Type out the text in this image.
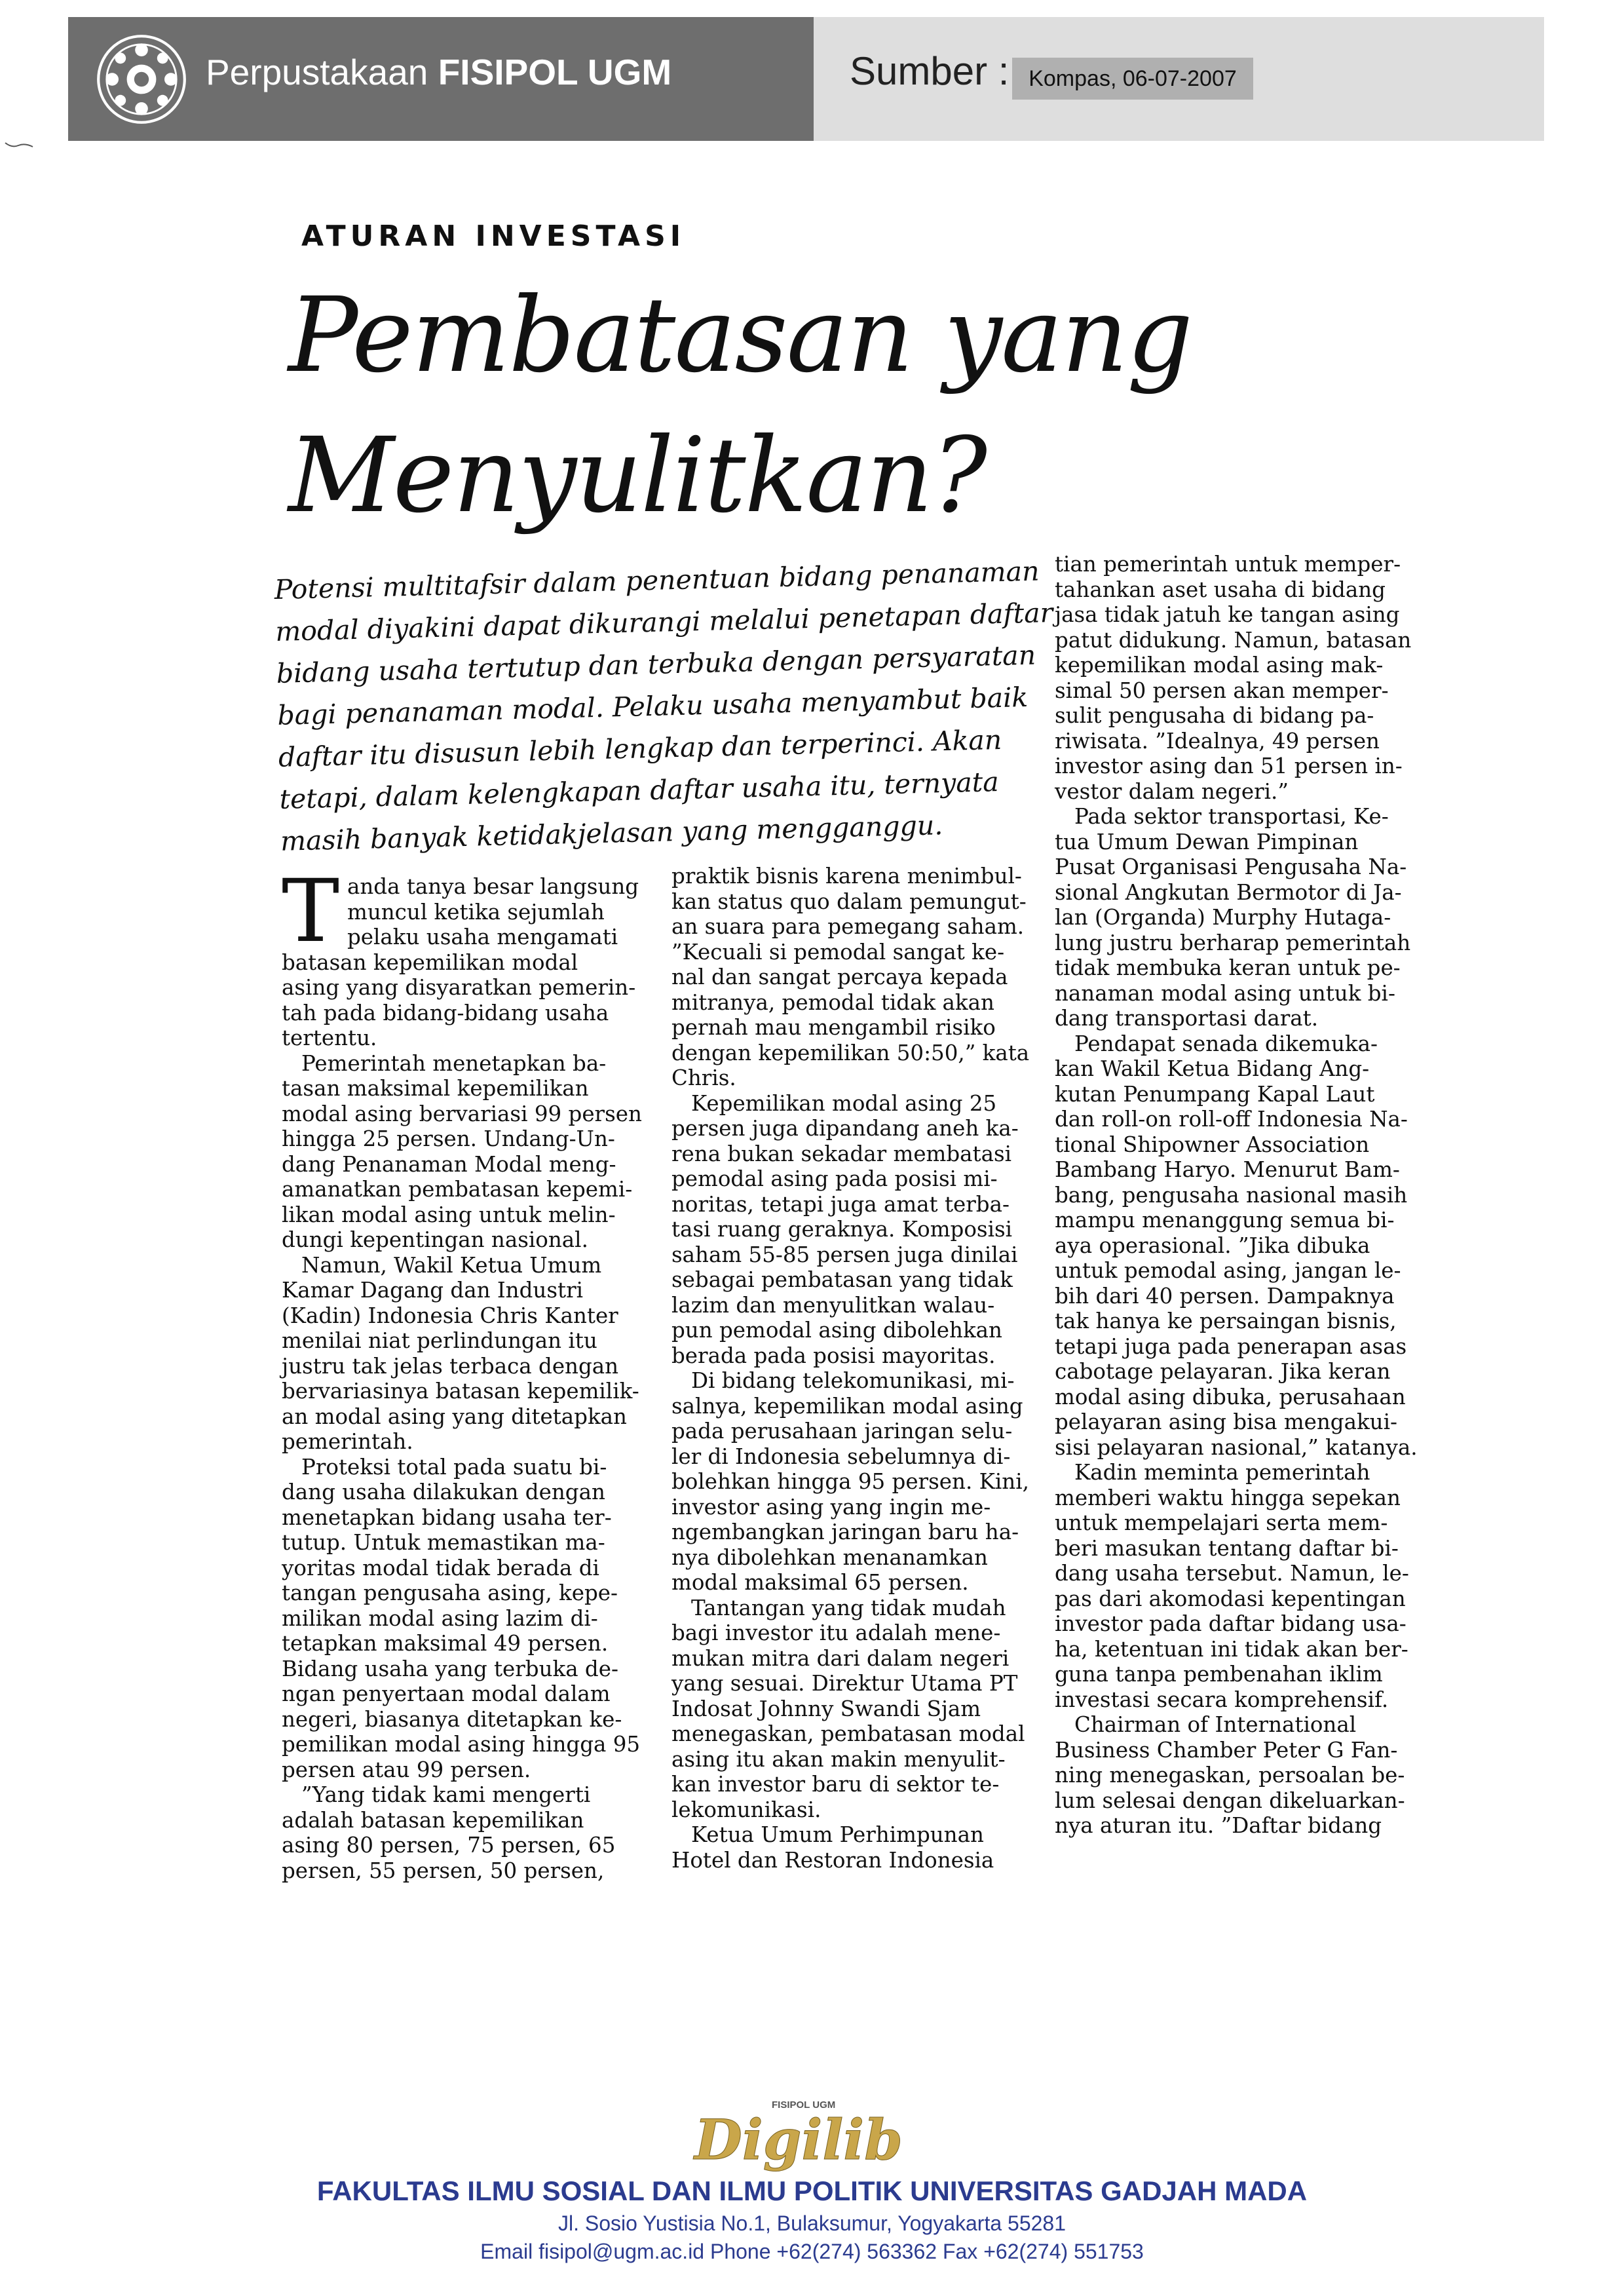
Perpustakaan FISIPOL UGM	Sumber : Kompas, 06-07-2007
ATURAN INVESTASI
Pembatasan yang
Menyulitkan?
Potensi multitafsir dalam penentuan bidang penanaman
modal diyakini dapat dikurangi melalui penetapan daftar
bidang usaha tertutup dan terbuka dengan persyaratan
bagi penanaman modal. Pelaku usaha menyambut baik
daftar itu disusun lebih lengkap dan terperinci. Akan
tetapi, dalam kelengkapan daftar usaha itu, ternyata
masih banyak ketidakjelasan yang mengganggu.
T anda tanya besar langsung
muncul ketika sejumlah
pelaku usaha mengamati
batasan kepemilikan modal
asing yang disyaratkan pemerin-
tah pada bidang-bidang usaha
tertentu.
Pemerintah menetapkan ba-
tasan maksimal kepemilikan
modal asing bervariasi 99 persen
hingga 25 persen. Undang-Un-
dang Penanaman Modal meng-
amanatkan pembatasan kepemi-
likan modal asing untuk melin-
dungi kepentingan nasional.
Namun, Wakil Ketua Umum
Kamar Dagang dan Industri
(Kadin) Indonesia Chris Kanter
menilai niat perlindungan itu
justru tak jelas terbaca dengan
bervariasinya batasan kepemilik-
an modal asing yang ditetapkan
pemerintah.
Proteksi total pada suatu bi-
dang usaha dilakukan dengan
menetapkan bidang usaha ter-
tutup. Untuk memastikan ma-
yoritas modal tidak berada di
tangan pengusaha asing, kepe-
milikan modal asing lazim di-
tetapkan maksimal 49 persen.
Bidang usaha yang terbuka de-
ngan penyertaan modal dalam
negeri, biasanya ditetapkan ke-
pemilikan modal asing hingga 95
persen atau 99 persen.
”Yang tidak kami mengerti
adalah batasan kepemilikan
asing 80 persen, 75 persen, 65
persen, 55 persen, 50 persen,
praktik bisnis karena menimbul-
kan status quo dalam pemungut-
an suara para pemegang saham.
”Kecuali si pemodal sangat ke-
nal dan sangat percaya kepada
mitranya, pemodal tidak akan
pernah mau mengambil risiko
dengan kepemilikan 50:50,” kata
Chris.
Kepemilikan modal asing 25
persen juga dipandang aneh ka-
rena bukan sekadar membatasi
pemodal asing pada posisi mi-
noritas, tetapi juga amat terba-
tasi ruang geraknya. Komposisi
saham 55-85 persen juga dinilai
sebagai pembatasan yang tidak
lazim dan menyulitkan walau-
pun pemodal asing dibolehkan
berada pada posisi mayoritas.
Di bidang telekomunikasi, mi-
salnya, kepemilikan modal asing
pada perusahaan jaringan selu-
ler di Indonesia sebelumnya di-
bolehkan hingga 95 persen. Kini,
investor asing yang ingin me-
ngembangkan jaringan baru ha-
nya dibolehkan menanamkan
modal maksimal 65 persen.
Tantangan yang tidak mudah
bagi investor itu adalah mene-
mukan mitra dari dalam negeri
yang sesuai. Direktur Utama PT
Indosat Johnny Swandi Sjam
menegaskan, pembatasan modal
asing itu akan makin menyulit-
kan investor baru di sektor te-
lekomunikasi.
Ketua Umum Perhimpunan
Hotel dan Restoran Indonesia
tian pemerintah untuk memper-
tahankan aset usaha di bidang
jasa tidak jatuh ke tangan asing
patut didukung. Namun, batasan
kepemilikan modal asing mak-
simal 50 persen akan memper-
sulit pengusaha di bidang pa-
riwisata. ”Idealnya, 49 persen
investor asing dan 51 persen in-
vestor dalam negeri.”
Pada sektor transportasi, Ke-
tua Umum Dewan Pimpinan
Pusat Organisasi Pengusaha Na-
sional Angkutan Bermotor di Ja-
lan (Organda) Murphy Hutaga-
lung justru berharap pemerintah
tidak membuka keran untuk pe-
nanaman modal asing untuk bi-
dang transportasi darat.
Pendapat senada dikemuka-
kan Wakil Ketua Bidang Ang-
kutan Penumpang Kapal Laut
dan roll-on roll-off Indonesia Na-
tional Shipowner Association
Bambang Haryo. Menurut Bam-
bang, pengusaha nasional masih
mampu menanggung semua bi-
aya operasional. ”Jika dibuka
untuk pemodal asing, jangan le-
bih dari 40 persen. Dampaknya
tak hanya ke persaingan bisnis,
tetapi juga pada penerapan asas
cabotage pelayaran. Jika keran
modal asing dibuka, perusahaan
pelayaran asing bisa mengakui-
sisi pelayaran nasional,” katanya.
Kadin meminta pemerintah
memberi waktu hingga sepekan
untuk mempelajari serta mem-
beri masukan tentang daftar bi-
dang usaha tersebut. Namun, le-
pas dari akomodasi kepentingan
investor pada daftar bidang usa-
ha, ketentuan ini tidak akan ber-
guna tanpa pembenahan iklim
investasi secara komprehensif.
Chairman of International
Business Chamber Peter G Fan-
ning menegaskan, persoalan be-
lum selesai dengan dikeluarkan-
nya aturan itu. ”Daftar bidang
FISIPOL UGM
Digilib
FAKULTAS ILMU SOSIAL DAN ILMU POLITIK UNIVERSITAS GADJAH MADA
Jl. Sosio Yustisia No.1, Bulaksumur, Yogyakarta 55281
Email fisipol@ugm.ac.id Phone +62(274) 563362 Fax +62(274) 551753
